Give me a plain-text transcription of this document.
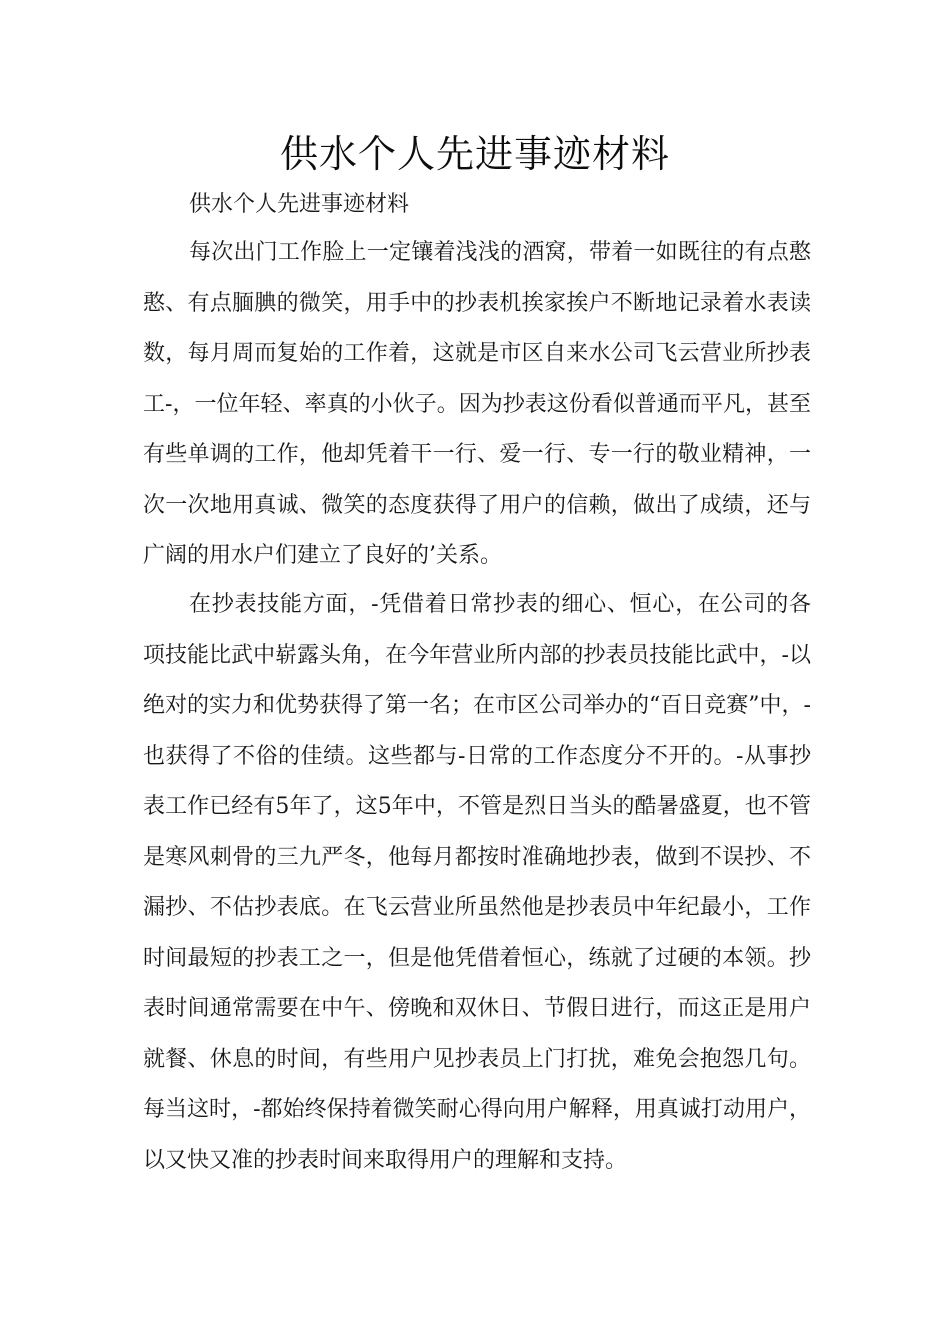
供水个人先进事迹材料

供水个人先进事迹材料

每次出门工作脸上一定镶着浅浅的酒窝，带着一如既往的有点憨憨、有点腼腆的微笑，用手中的抄表机挨家挨户不断地记录着水表读数，每月周而复始的工作着，这就是市区自来水公司飞云营业所抄表工-，一位年轻、率真的小伙子。因为抄表这份看似普通而平凡，甚至有些单调的工作，他却凭着干一行、爱一行、专一行的敬业精神，一次一次地用真诚、微笑的态度获得了用户的信赖，做出了成绩，还与广阔的用水户们建立了良好的’关系。

在抄表技能方面，-凭借着日常抄表的细心、恒心，在公司的各项技能比武中崭露头角，在今年营业所内部的抄表员技能比武中，-以绝对的实力和优势获得了第一名；在市区公司举办的“百日竞赛”中，-也获得了不俗的佳绩。这些都与-日常的工作态度分不开的。-从事抄表工作已经有5年了，这5年中，不管是烈日当头的酷暑盛夏，也不管是寒风刺骨的三九严冬，他每月都按时准确地抄表，做到不误抄、不漏抄、不估抄表底。在飞云营业所虽然他是抄表员中年纪最小，工作时间最短的抄表工之一，但是他凭借着恒心，练就了过硬的本领。抄表时间通常需要在中午、傍晚和双休日、节假日进行，而这正是用户就餐、休息的时间，有些用户见抄表员上门打扰，难免会抱怨几句。每当这时，-都始终保持着微笑耐心得向用户解释，用真诚打动用户，以又快又准的抄表时间来取得用户的理解和支持。
